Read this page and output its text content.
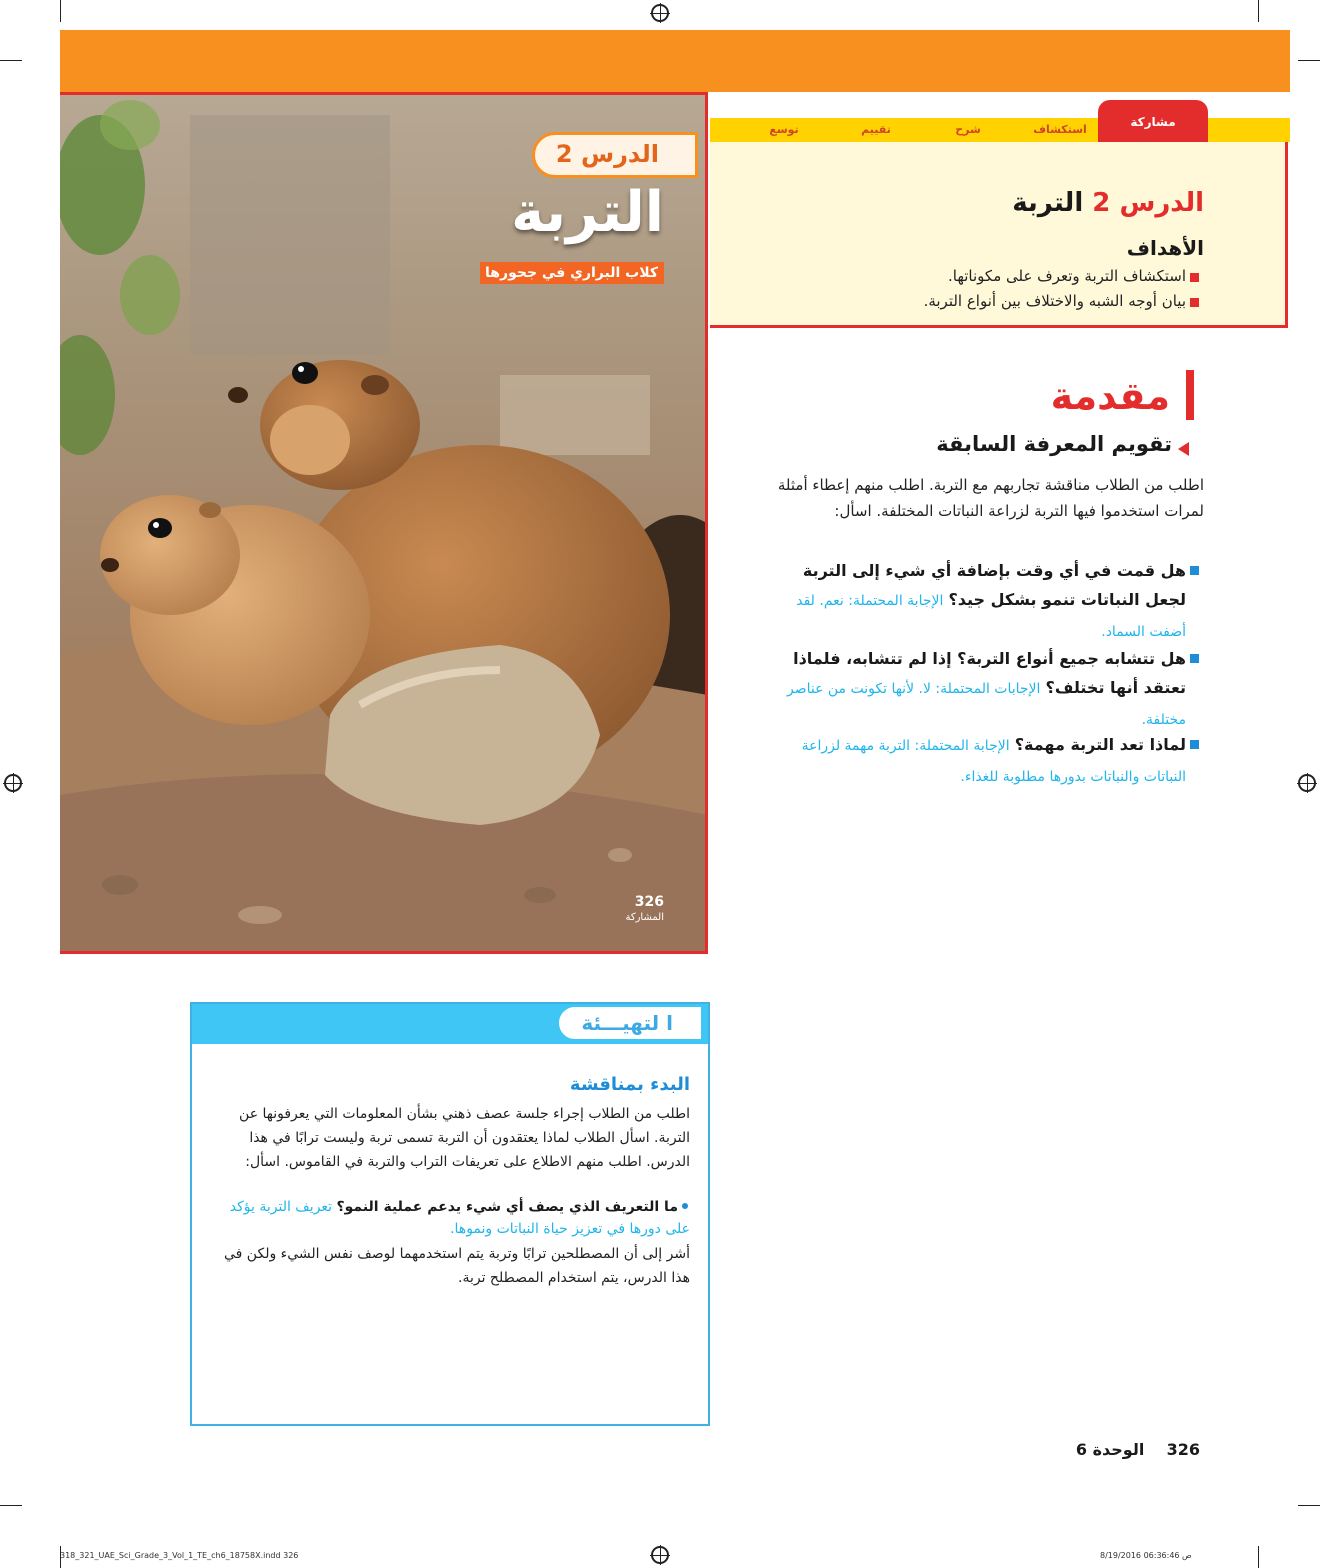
الدرس 2
التربة
كلاب البراري في جحورها
326
المشاركة
استكشاف
شرح
تقييم
توسع
مشاركة
الدرس 2 التربة
الأهداف
استكشاف التربة وتعرف على مكوناتها.
بيان أوجه الشبه والاختلاف بين أنواع التربة.
مقدمة
تقويم المعرفة السابقة
اطلب من الطلاب مناقشة تجاربهم مع التربة. اطلب منهم إعطاء أمثلة لمرات استخدموا فيها التربة لزراعة النباتات المختلفة. اسأل:
هل قمت في أي وقت بإضافة أي شيء إلى التربة لجعل النباتات تنمو بشكل جيد؟ الإجابة المحتملة: نعم. لقد أضفت السماد.
هل تتشابه جميع أنواع التربة؟ إذا لم تتشابه، فلماذا تعتقد أنها تختلف؟ الإجابات المحتملة: لا. لأنها تكونت من عناصر مختلفة.
لماذا تعد التربة مهمة؟ الإجابة المحتملة: التربة مهمة لزراعة النباتات والنباتات بدورها مطلوبة للغذاء.
ا لتهيـــئة
البدء بمناقشة
اطلب من الطلاب إجراء جلسة عصف ذهني بشأن المعلومات التي يعرفونها عن التربة. اسأل الطلاب لماذا يعتقدون أن التربة تسمى تربة وليست ترابًا في هذا الدرس. اطلب منهم الاطلاع على تعريفات التراب والتربة في القاموس. اسأل:
ما التعريف الذي يصف أي شيء يدعم عملية النمو؟ تعريف التربة يؤكد على دورها في تعزيز حياة النباتات ونموها.
أشر إلى أن المصطلحين ترابًا وتربة يتم استخدمهما لوصف نفس الشيء ولكن في هذا الدرس، يتم استخدام المصطلح تربة.
326    الوحدة 6
318_321_UAE_Sci_Grade_3_Vol_1_TE_ch6_18758X.indd 326	8/19/2016 06:36:46 ص
